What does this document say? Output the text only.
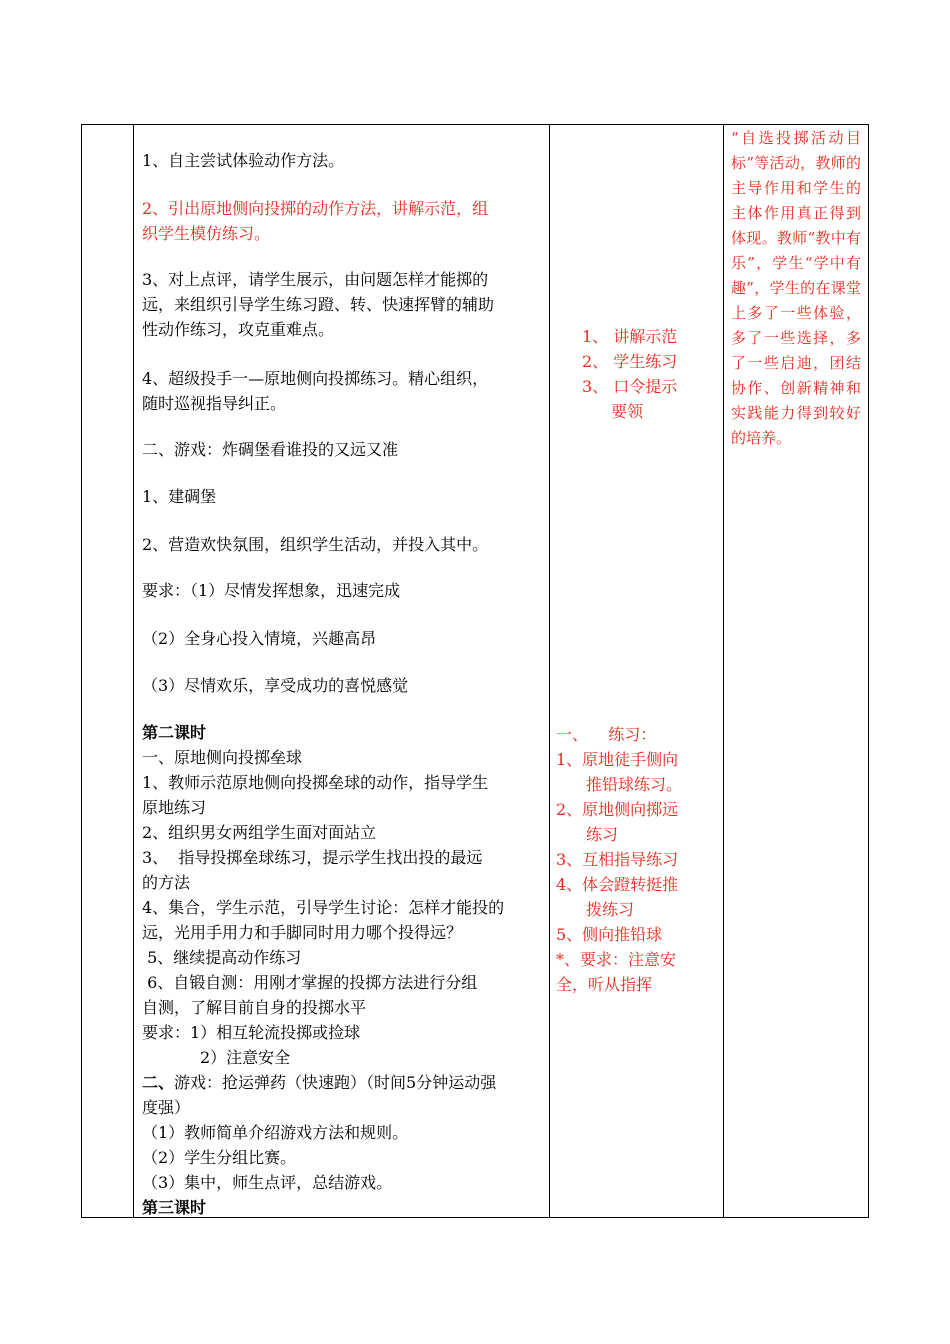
1、自主尝试体验动作方法。

2、引出原地侧向投掷的动作方法，讲解示范，组

织学生模仿练习。

3、对上点评，请学生展示，由问题怎样才能掷的

远，来组织引导学生练习蹬、转、快速挥臂的辅助

性动作练习，攻克重难点。

4、超级投手一—原地侧向投掷练习。精心组织，

随时巡视指导纠正。

二、游戏：炸碉堡看谁投的又远又准

1、建碉堡

2、营造欢快氛围，组织学生活动，并投入其中。

要求：（1）尽情发挥想象，迅速完成

（2）全身心投入情境，兴趣高昂

（3）尽情欢乐，享受成功的喜悦感觉

第二课时

一、原地侧向投掷垒球

1、教师示范原地侧向投掷垒球的动作，指导学生

原地练习

2、组织男女两组学生面对面站立

3、  指导投掷垒球练习，提示学生找出投的最远

的方法

4、集合，学生示范，引导学生讨论：怎样才能投的

远，光用手用力和手脚同时用力哪个投得远？

5、继续提高动作练习

6、自锻自测：用刚才掌握的投掷方法进行分组

自测，了解目前自身的投掷水平

要求：1）相互轮流投掷或捡球

2）注意安全

二、游戏：抢运弹药（快速跑）（时间5分钟运动强

度强）

（1）教师简单介绍游戏方法和规则。

（2）学生分组比赛。

（3）集中，师生点评，总结游戏。

第三课时

1、 讲解示范

2、 学生练习

3、 口令提示

要领

一、    练习：

1、原地徒手侧向

推铅球练习。

2、原地侧向掷远

练习

3、互相指导练习

4、体会蹬转挺推

拨练习

5、侧向推铅球

*、要求：注意安

全，听从指挥

“自选投掷活动目标”等活动，教师的主导作用和学生的主体作用真正得到体现。教师“教中有乐”，学生“学中有趣”，学生的在课堂上多了一些体验，多了一些选择，多了一些启迪，团结协作、创新精神和实践能力得到较好的培养。
